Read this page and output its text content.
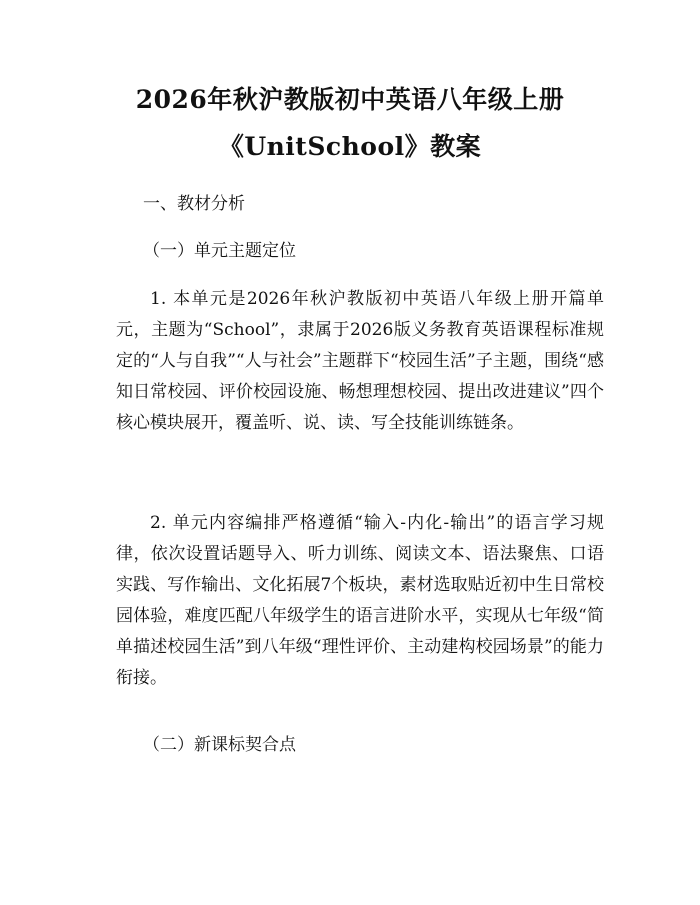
2026年秋沪教版初中英语八年级上册
《UnitSchool》教案
一、教材分析
（一）单元主题定位
1. 本单元是2026年秋沪教版初中英语八年级上册开篇单元，主题为“School”，隶属于2026版义务教育英语课程标准规定的“人与自我”“人与社会”主题群下“校园生活”子主题，围绕“感知日常校园、评价校园设施、畅想理想校园、提出改进建议”四个核心模块展开，覆盖听、说、读、写全技能训练链条。
2. 单元内容编排严格遵循“输入-内化-输出”的语言学习规律，依次设置话题导入、听力训练、阅读文本、语法聚焦、口语实践、写作输出、文化拓展7个板块，素材选取贴近初中生日常校园体验，难度匹配八年级学生的语言进阶水平，实现从七年级“简单描述校园生活”到八年级“理性评价、主动建构校园场景”的能力衔接。
（二）新课标契合点
